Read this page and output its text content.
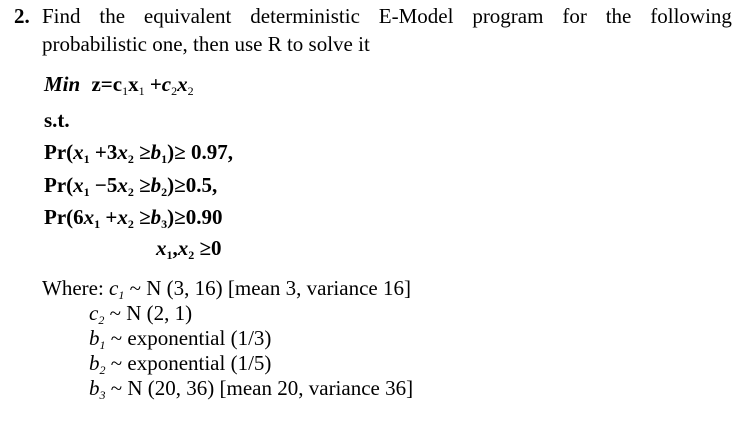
2. Find the equivalent deterministic E-Model program for the following
probabilistic one, then use R to solve it
Min $z=c_1x_1 +c_2x_2$
s.t.
$Pr(x_1 +3x_2 \ge b_1)\ge 0.97$,
$Pr(x_1 -5x_2 \ge b_2)\ge 0.5$,
$Pr(6x_1 +x_2 \ge b_3)\ge 0.90$
$x_1,x_2 \ge 0$
Where: $c_1$ ~ N (3, 16) [mean 3, variance 16]
$c_2$ ~ N (2, 1)
$b_1$ ~ exponential (1/3)
$b_2$ ~ exponential (1/5)
$b_3$ ~ N (20, 36) [mean 20, variance 36]
